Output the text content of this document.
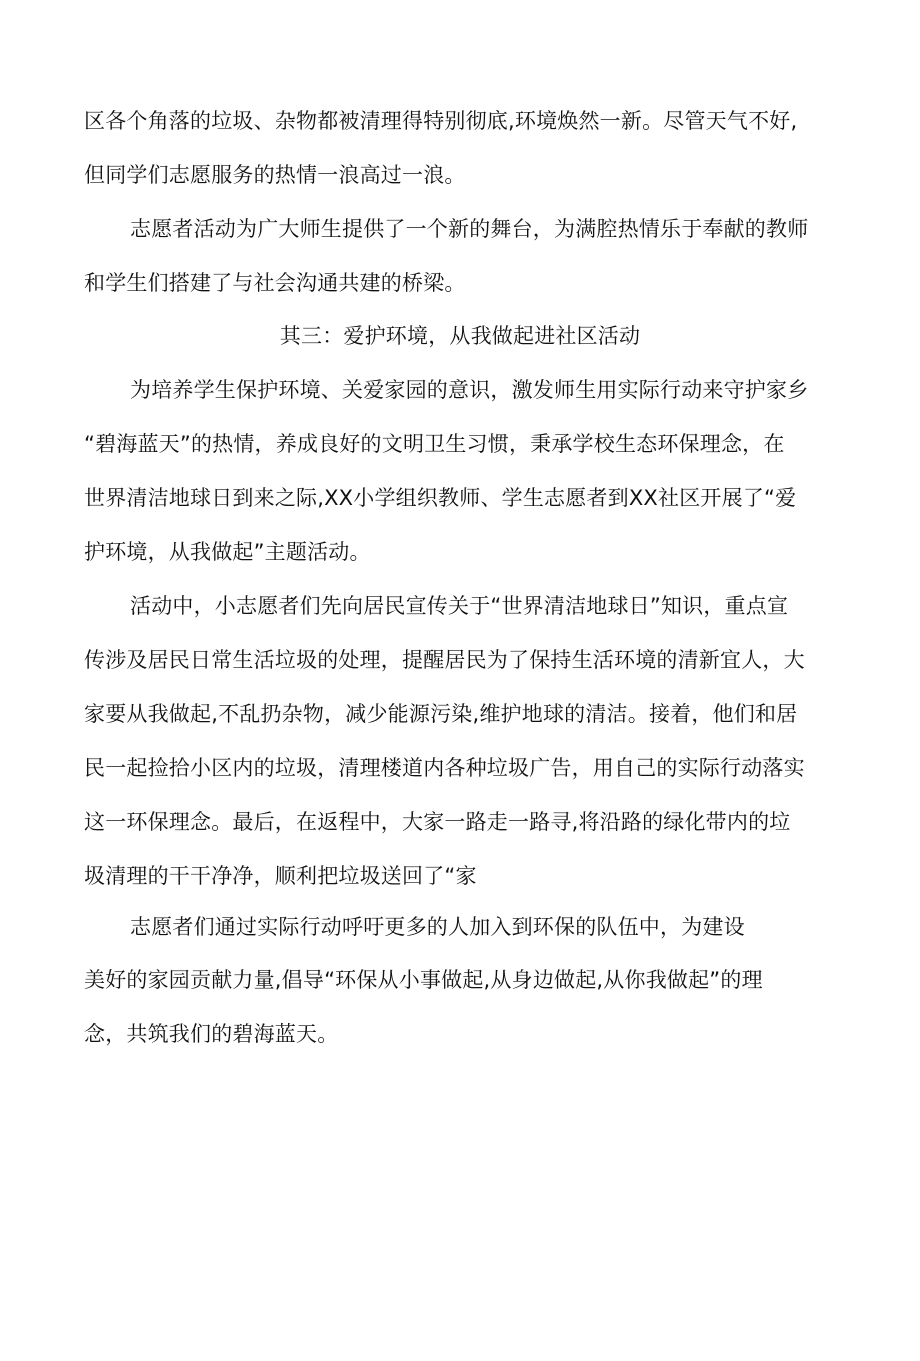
区各个角落的垃圾、杂物都被清理得特别彻底,环境焕然一新。尽管天气不好,
但同学们志愿服务的热情一浪高过一浪。
志愿者活动为广大师生提供了一个新的舞台，为满腔热情乐于奉献的教师
和学生们搭建了与社会沟通共建的桥梁。
其三：爱护环境，从我做起进社区活动
为培养学生保护环境、关爱家园的意识，激发师生用实际行动来守护家乡
“碧海蓝天”的热情，养成良好的文明卫生习惯，秉承学校生态环保理念，在
世界清洁地球日到来之际,XX小学组织教师、学生志愿者到XX社区开展了“爱
护环境，从我做起”主题活动。
活动中，小志愿者们先向居民宣传关于“世界清洁地球日”知识，重点宣
传涉及居民日常生活垃圾的处理，提醒居民为了保持生活环境的清新宜人，大
家要从我做起,不乱扔杂物，减少能源污染,维护地球的清洁。接着，他们和居
民一起捡拾小区内的垃圾，清理楼道内各种垃圾广告，用自己的实际行动落实
这一环保理念。最后，在返程中，大家一路走一路寻,将沿路的绿化带内的垃
圾清理的干干净净，顺利把垃圾送回了“家
志愿者们通过实际行动呼吁更多的人加入到环保的队伍中，为建设
美好的家园贡献力量,倡导“环保从小事做起,从身边做起,从你我做起”的理
念，共筑我们的碧海蓝天。
